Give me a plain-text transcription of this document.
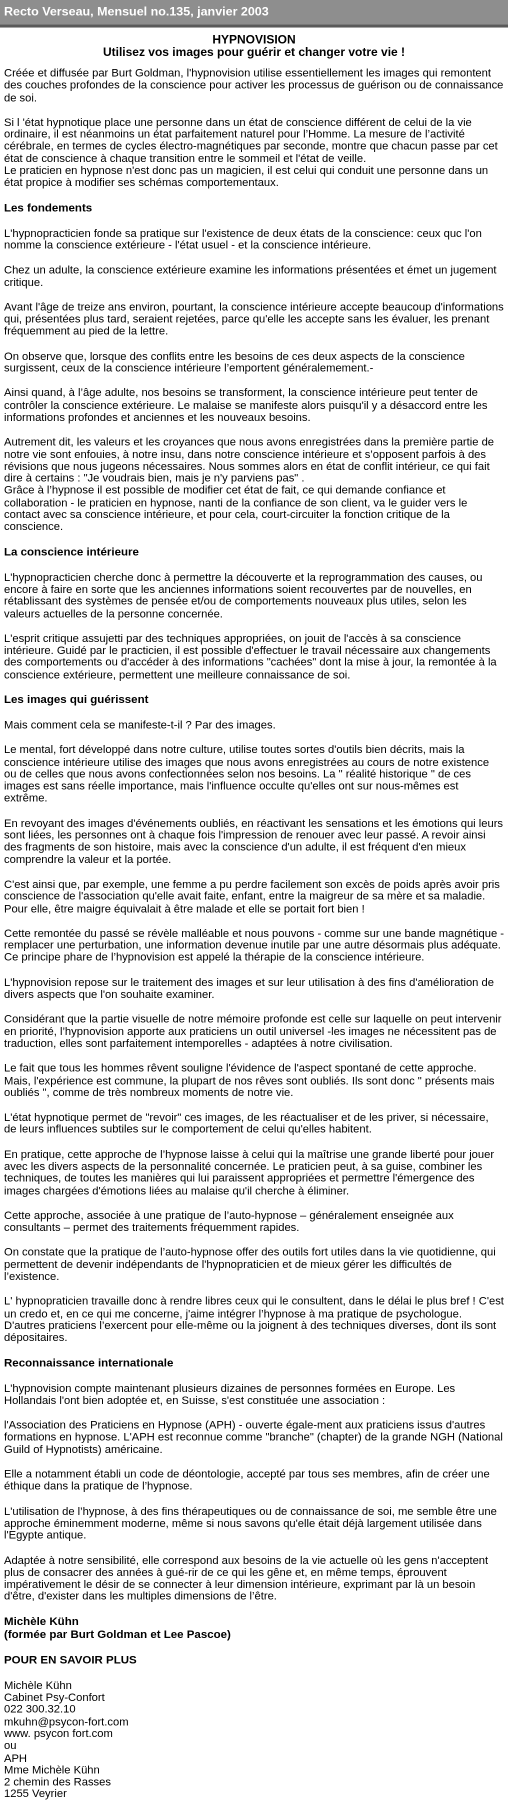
Recto Verseau, Mensuel no.135, janvier 2003
HYPNOVISION
Utilisez vos images pour guérir et changer votre vie !

Créée et diffusée par Burt Goldman, l'hypnovision utilise essentiellement les images qui remontent des couches profondes de la conscience pour activer les processus de guérison ou de connaissance de soi.

Si l 'état hypnotique place une personne dans un état de conscience différent de celui de la vie ordinaire, il est néanmoins un état parfaitement naturel pour l’Homme. La mesure de l’activité cérébrale, en termes de cycles électro-magnétiques par seconde, montre que chacun passe par cet état de conscience à chaque transition entre le sommeil et l'état de veille.

Le praticien en hypnose n'est donc pas un magicien, il est celui qui conduit une personne dans un état propice à modifier ses schémas comportementaux.

Les fondements

L'hypnopracticien fonde sa pratique sur l'existence de deux états de la conscience: ceux quc l'on nomme la conscience extérieure - l'état usuel - et la conscience intérieure.

Chez un adulte, la conscience extérieure examine les informations présentées et émet un jugement critique.

Avant l'âge de treize ans environ, pourtant, la conscience intérieure accepte beaucoup d'informations qui, présentées plus tard, seraient rejetées, parce qu'elle les accepte sans les évaluer, les prenant fréquemment au pied de la lettre.

On observe que, lorsque des conflits entre les besoins de ces deux aspects de la conscience surgissent, ceux de la conscience intérieure l’emportent généralemement.-

Ainsi quand, à l’âge adulte, nos besoins se transforment, la conscience intérieure peut tenter de contrôler la conscience extérieure. Le malaise se manifeste alors puisqu'il y a désaccord entre les informations profondes et anciennes et les nouveaux besoins.

Autrement dit, les valeurs et les croyances que nous avons enregistrées dans la première partie de notre vie sont enfouies, à notre insu, dans notre conscience intérieure et s’opposent parfois à des révisions que nous jugeons nécessaires. Nous sommes alors en état de conflit intérieur, ce qui fait dire à certains : "Je voudrais bien, mais je n'y parviens pas" .

Grâce à l’hypnose il est possible de modifier cet état de fait, ce qui demande confiance et collaboration - le praticien en hypnose, nanti de la confiance de son client, va le guider vers le contact avec sa conscience intérieure, et pour cela, court-circuiter la fonction critique de la conscience.

La conscience intérieure

L'hypnopracticien cherche donc à permettre la découverte et la reprogrammation des causes, ou encore à faire en sorte que les anciennes informations soient recouvertes par de nouvelles, en rétablissant des systèmes de pensée et/ou de comportements nouveaux plus utiles, selon les valeurs actuelles de la personne concernée.

L'esprit critique assujetti par des techniques appropriées, on jouit de l'accès à sa conscience intérieure. Guidé par le practicien, il est possible d'effectuer le travail nécessaire aux changements des comportements ou d'accéder à des informations "cachées" dont la mise à jour, la remontée à la conscience extérieure, permettent une meilleure connaissance de soi.

Les images qui guérissent

Mais comment cela se manifeste-t-il ? Par des images.

Le mental, fort développé dans notre culture, utilise toutes sortes d'outils bien décrits, mais la conscience intérieure utilise des images que nous avons enregistrées au cours de notre existence ou de celles que nous avons confectionnées selon nos besoins. La " réalité historique " de ces images est sans réelle importance, mais l'influence occulte qu'elles ont sur nous-mêmes est extrême.

En revoyant des images d'événements oubliés, en réactivant les sensations et les émotions qui leurs sont liées, les personnes ont à chaque fois l'impression de renouer avec leur passé. A revoir ainsi des fragments de son histoire, mais avec la conscience d'un adulte, il est fréquent d'en mieux comprendre la valeur et la portée.

C'est ainsi que, par exemple, une femme a pu perdre facilement son excès de poids après avoir pris conscience de l'association qu'elle avait faite, enfant, entre la maigreur de sa mère et sa maladie. Pour elle, être maigre équivalait à être malade et elle se portait fort bien !

Cette remontée du passé se révèle malléable et nous pouvons - comme sur une bande magnétique - remplacer une perturbation, une information devenue inutile par une autre désormais plus adéquate. Ce principe phare de l’hypnovision est appelé la thérapie de la conscience intérieure.

L'hypnovision repose sur le traitement des images et sur leur utilisation à des fins d'amélioration de divers aspects que l'on souhaite examiner.

Considérant que la partie visuelle de notre mémoire profonde est celle sur laquelle on peut intervenir en priorité, l’hypnovision apporte aux praticiens un outil universel -les images ne nécessitent pas de traduction, elles sont parfaitement intemporelles - adaptées à notre civilisation.

Le fait que tous les hommes rêvent souligne l'évidence de l'aspect spontané de cette approche. Mais, l'expérience est commune, la plupart de nos rêves sont oubliés. Ils sont donc " présents mais oubliés ", comme de très nombreux moments de notre vie.

L'état hypnotique permet de "revoir" ces images, de les réactualiser et de les priver, si nécessaire, de leurs influences subtiles sur le comportement de celui qu'elles habitent.

En pratique, cette approche de l’hypnose laisse à celui qui la maîtrise une grande liberté pour jouer avec les divers aspects de la personnalité concernée. Le praticien peut, à sa guise, combiner les techniques, de toutes les manières qui lui paraissent appropriées et permettre l'émergence des images chargées d'émotions liées au malaise qu'il cherche à éliminer.

Cette approche, associée à une pratique de l’auto-hypnose – généralement enseignée aux consultants – permet des traitements fréquemment rapides.

On constate que la pratique de l’auto-hypnose offer des outils fort utiles dans la vie quotidienne, qui permettent de devenir indépendants de l'hypnopraticien et de mieux gérer les difficultés de l’existence.

L' hypnopraticien travaille donc à rendre libres ceux qui le consultent, dans le délai le plus bref ! C'est un credo et, en ce qui me concerne, j'aime intégrer l’hypnose à ma pratique de psychologue. D'autres praticiens l’exercent pour elle-même ou la joignent à des techniques diverses, dont ils sont dépositaires.

Reconnaissance internationale

L'hypnovision compte maintenant plusieurs dizaines de personnes formées en Europe. Les Hollandais l'ont bien adoptée et, en Suisse, s'est constituée une association :

l'Association des Praticiens en Hypnose (APH) - ouverte égale-ment aux praticiens issus d'autres formations en hypnose. L'APH est reconnue comme "branche" (chapter) de la grande NGH (National Guild of Hypnotists) américaine.

Elle a notamment établi un code de déontologie, accepté par tous ses membres, afin de créer une éthique dans la pratique de l’hypnose.

L'utilisation de l’hypnose, à des fins thérapeutiques ou de connaissance de soi, me semble être une approche éminemment moderne, même si nous savons qu'elle était déjà largement utilisée dans l'Egypte antique.

Adaptée à notre sensibilité, elle correspond aux besoins de la vie actuelle où les gens n'acceptent plus de consacrer des années à gué-rir de ce qui les gêne et, en même temps, éprouvent impérativement le désir de se connecter à leur dimension intérieure, exprimant par là un besoin d'être, d'exister dans les multiples dimensions de l’être.

Michèle Kühn
(formée par Burt Goldman et Lee Pascoe)
POUR EN SAVOIR PLUS
Michèle Kühn
Cabinet Psy-Confort
022 300.32.10
mkuhn@psycon-fort.com
www. psycon fort.com
ou
APH
Mme Michèle Kühn
2 chemin des Rasses
1255 Veyrier
